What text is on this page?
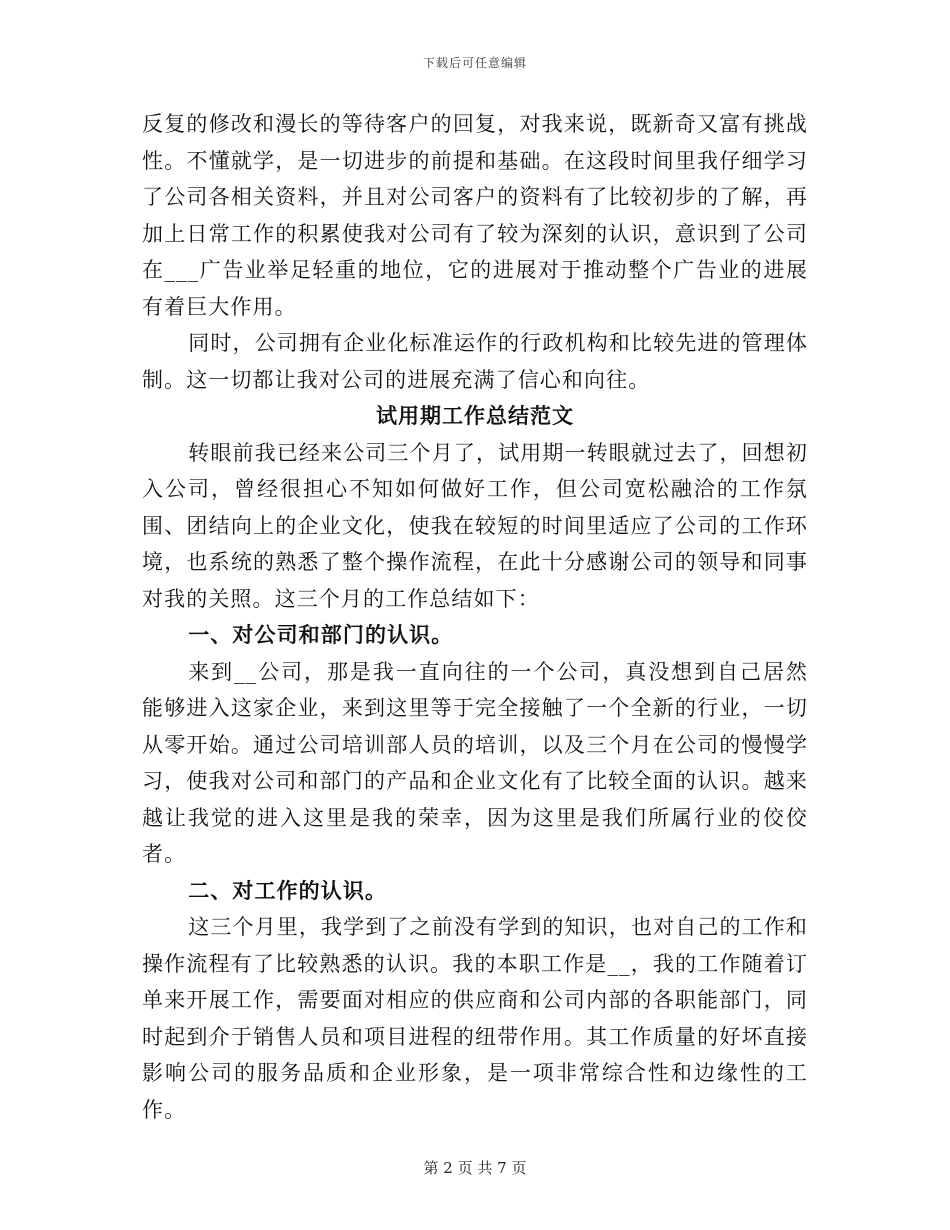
下载后可任意编辑

反复的修改和漫长的等待客户的回复，对我来说，既新奇又富有挑战性。不懂就学，是一切进步的前提和基础。在这段时间里我仔细学习了公司各相关资料，并且对公司客户的资料有了比较初步的了解，再加上日常工作的积累使我对公司有了较为深刻的认识，意识到了公司在___广告业举足轻重的地位，它的进展对于推动整个广告业的进展有着巨大作用。

同时，公司拥有企业化标准运作的行政机构和比较先进的管理体制。这一切都让我对公司的进展充满了信心和向往。

试用期工作总结范文

转眼前我已经来公司三个月了，试用期一转眼就过去了，回想初入公司，曾经很担心不知如何做好工作，但公司宽松融洽的工作氛围、团结向上的企业文化，使我在较短的时间里适应了公司的工作环境，也系统的熟悉了整个操作流程，在此十分感谢公司的领导和同事对我的关照。这三个月的工作总结如下：

一、对公司和部门的认识。

来到__公司，那是我一直向往的一个公司，真没想到自己居然能够进入这家企业，来到这里等于完全接触了一个全新的行业，一切从零开始。通过公司培训部人员的培训，以及三个月在公司的慢慢学习，使我对公司和部门的产品和企业文化有了比较全面的认识。越来越让我觉的进入这里是我的荣幸，因为这里是我们所属行业的佼佼者。

二、对工作的认识。

这三个月里，我学到了之前没有学到的知识，也对自己的工作和操作流程有了比较熟悉的认识。我的本职工作是__，我的工作随着订单来开展工作，需要面对相应的供应商和公司内部的各职能部门，同时起到介于销售人员和项目进程的纽带作用。其工作质量的好坏直接影响公司的服务品质和企业形象，是一项非常综合性和边缘性的工作。

第 2 页 共 7 页
